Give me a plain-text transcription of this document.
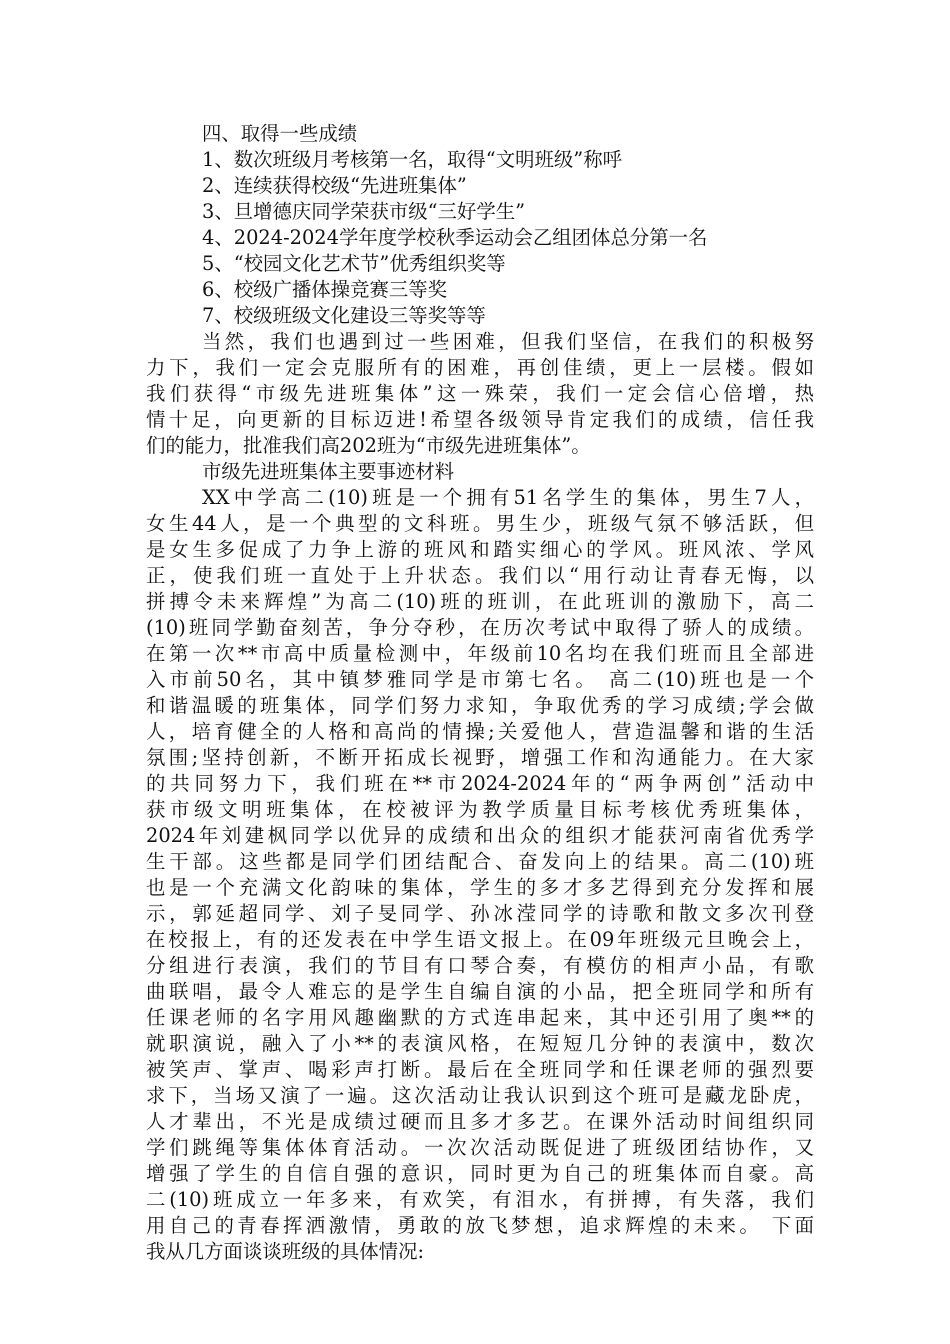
四、取得一些成绩
1、数次班级月考核第一名，取得“文明班级”称呼
2、连续获得校级“先进班集体”
3、旦增德庆同学荣获市级“三好学生”
4、2024-2024学年度学校秋季运动会乙组团体总分第一名
5、“校园文化艺术节”优秀组织奖等
6、校级广播体操竞赛三等奖
7、校级班级文化建设三等奖等等
当然，我们也遇到过一些困难，但我们坚信，在我们的积极努
力下，我们一定会克服所有的困难，再创佳绩，更上一层楼。假如
我们获得“市级先进班集体”这一殊荣，我们一定会信心倍增，热
情十足，向更新的目标迈进!希望各级领导肯定我们的成绩，信任我
们的能力，批准我们高202班为“市级先进班集体”。
市级先进班集体主要事迹材料
XX中学高二(10)班是一个拥有51名学生的集体，男生7人，
女生44人，是一个典型的文科班。男生少，班级气氛不够活跃，但
是女生多促成了力争上游的班风和踏实细心的学风。班风浓、学风
正，使我们班一直处于上升状态。我们以“用行动让青春无悔，以
拼搏令未来辉煌”为高二(10)班的班训，在此班训的激励下，高二
(10)班同学勤奋刻苦，争分夺秒，在历次考试中取得了骄人的成绩。
在第一次**市高中质量检测中，年级前10名均在我们班而且全部进
入市前50名，其中镇梦雅同学是市第七名。 高二(10)班也是一个
和谐温暖的班集体，同学们努力求知，争取优秀的学习成绩;学会做
人，培育健全的人格和高尚的情操;关爱他人，营造温馨和谐的生活
氛围;坚持创新，不断开拓成长视野，增强工作和沟通能力。在大家
的共同努力下，我们班在**市2024-2024年的“两争两创”活动中
获市级文明班集体，在校被评为教学质量目标考核优秀班集体，
2024年刘建枫同学以优异的成绩和出众的组织才能获河南省优秀学
生干部。这些都是同学们团结配合、奋发向上的结果。高二(10)班
也是一个充满文化韵味的集体，学生的多才多艺得到充分发挥和展
示，郭延超同学、刘子旻同学、孙冰滢同学的诗歌和散文多次刊登
在校报上，有的还发表在中学生语文报上。在09年班级元旦晚会上，
分组进行表演，我们的节目有口琴合奏，有模仿的相声小品，有歌
曲联唱，最令人难忘的是学生自编自演的小品，把全班同学和所有
任课老师的名字用风趣幽默的方式连串起来，其中还引用了奥**的
就职演说，融入了小**的表演风格，在短短几分钟的表演中，数次
被笑声、掌声、喝彩声打断。最后在全班同学和任课老师的强烈要
求下，当场又演了一遍。这次活动让我认识到这个班可是藏龙卧虎，
人才辈出，不光是成绩过硬而且多才多艺。在课外活动时间组织同
学们跳绳等集体体育活动。一次次活动既促进了班级团结协作，又
增强了学生的自信自强的意识，同时更为自己的班集体而自豪。高
二(10)班成立一年多来，有欢笑，有泪水，有拼搏，有失落，我们
用自己的青春挥洒激情，勇敢的放飞梦想，追求辉煌的未来。 下面
我从几方面谈谈班级的具体情况:
